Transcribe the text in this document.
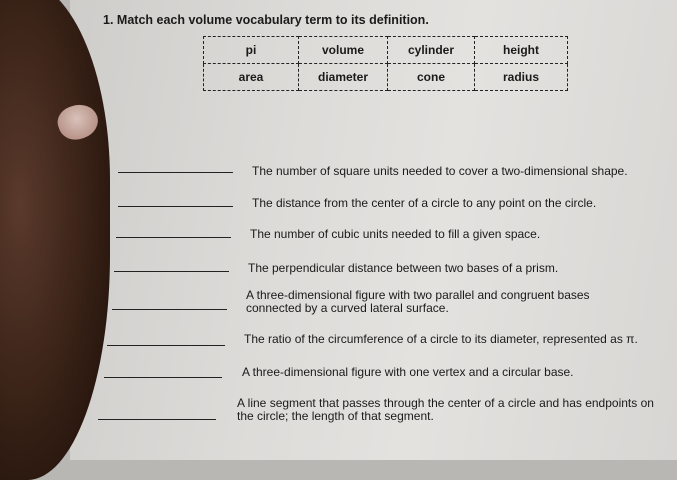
1. Match each volume vocabulary term to its definition.
pi	volume	cylinder	height
area	diameter	cone	radius
The number of square units needed to cover a two-dimensional shape.
The distance from the center of a circle to any point on the circle.
The number of cubic units needed to fill a given space.
The perpendicular distance between two bases of a prism.
A three-dimensional figure with two parallel and congruent bases connected by a curved lateral surface.
The ratio of the circumference of a circle to its diameter, represented as π.
A three-dimensional figure with one vertex and a circular base.
A line segment that passes through the center of a circle and has endpoints on the circle; the length of that segment.
